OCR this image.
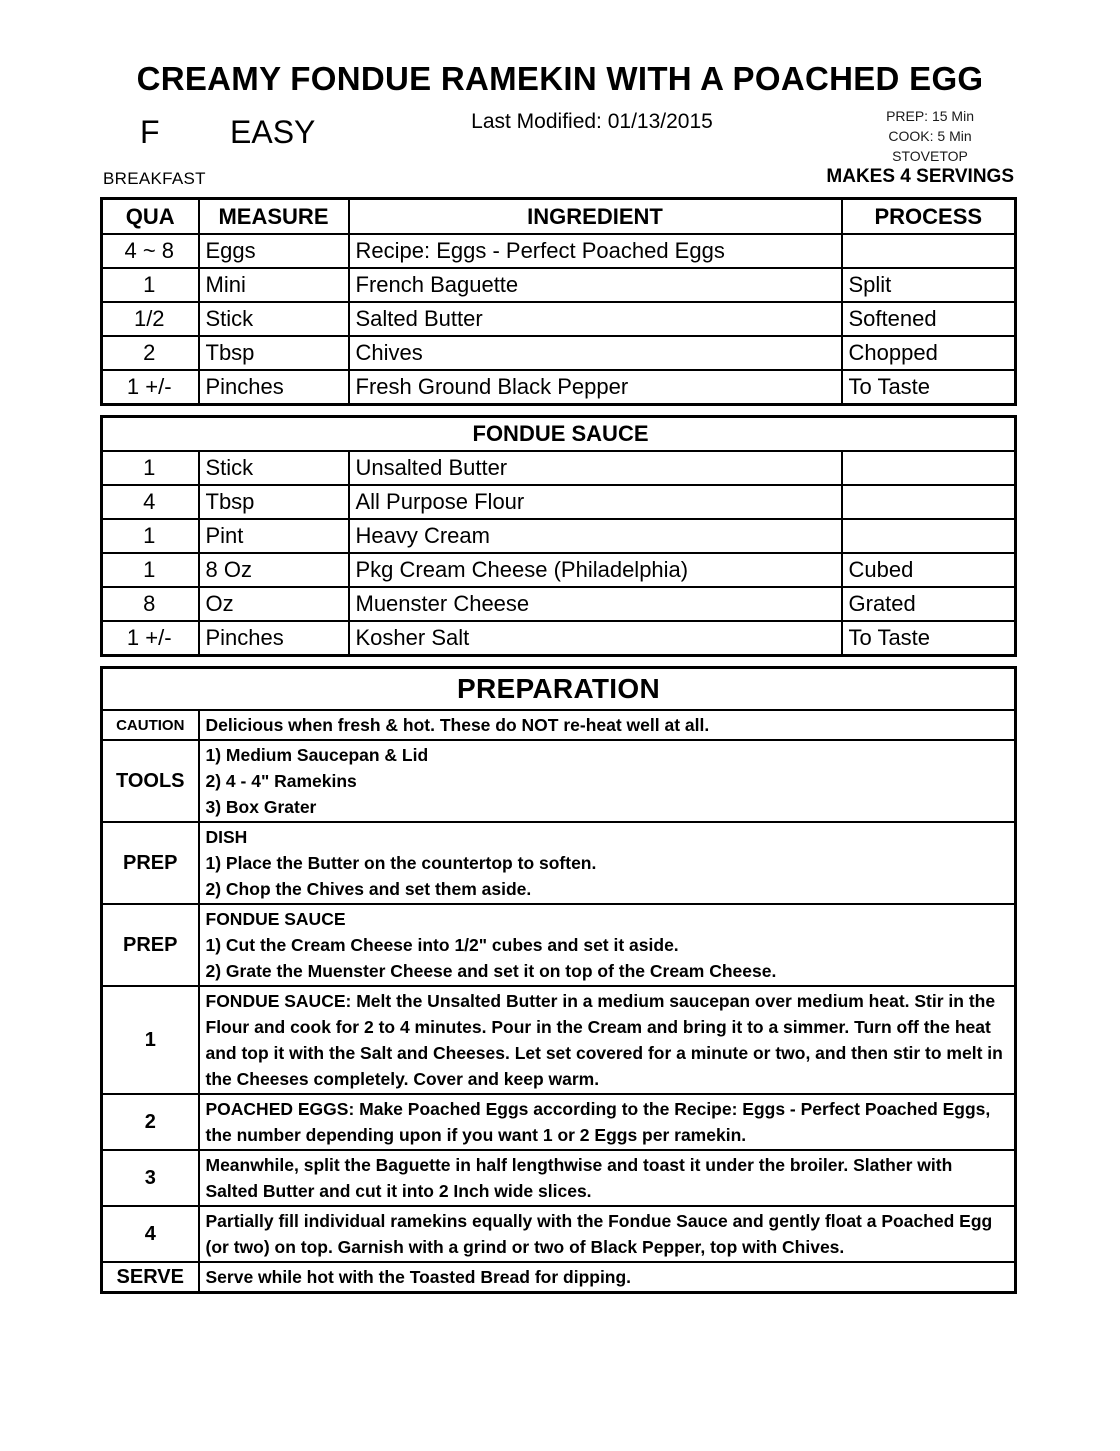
CREAMY FONDUE RAMEKIN WITH A POACHED EGG
F EASY	Last Modified: 01/13/2015	PREP: 15 Min
COOK: 5 Min
STOVETOP
BREAKFAST	MAKES 4 SERVINGS
QUA	MEASURE	INGREDIENT	PROCESS
4 ~ 8	Eggs	Recipe: Eggs - Perfect Poached Eggs	
1	Mini	French Baguette	Split
1/2	Stick	Salted Butter	Softened
2	Tbsp	Chives	Chopped
1 +/-	Pinches	Fresh Ground Black Pepper	To Taste
FONDUE SAUCE			
1	Stick	Unsalted Butter	
4	Tbsp	All Purpose Flour	
1	Pint	Heavy Cream	
1	8 Oz	Pkg Cream Cheese (Philadelphia)	Cubed
8	Oz	Muenster Cheese	Grated
1 +/-	Pinches	Kosher Salt	To Taste
PREPARATION	
CAUTION	Delicious when fresh & hot. These do NOT re-heat well at all.

TOOLS	1) Medium Saucepan & Lid
2) 4 - 4" Ramekins
3) Box Grater

PREP	DISH
1) Place the Butter on the countertop to soften.
2) Chop the Chives and set them aside.

PREP	FONDUE SAUCE
1) Cut the Cream Cheese into 1/2" cubes and set it aside.
2) Grate the Muenster Cheese and set it on top of the Cream Cheese.

1	FONDUE SAUCE: Melt the Unsalted Butter in a medium saucepan over medium heat. Stir in the Flour and cook for 2 to 4 minutes. Pour in the Cream and bring it to a simmer. Turn off the heat and top it with the Salt and Cheeses. Let set covered for a minute or two, and then stir to melt in the Cheeses completely. Cover and keep warm.

2	POACHED EGGS: Make Poached Eggs according to the Recipe: Eggs - Perfect Poached Eggs, the number depending upon if you want 1 or 2 Eggs per ramekin.

3	Meanwhile, split the Baguette in half lengthwise and toast it under the broiler. Slather with Salted Butter and cut it into 2 Inch wide slices.

4	Partially fill individual ramekins equally with the Fondue Sauce and gently float a Poached Egg (or two) on top. Garnish with a grind or two of Black Pepper, top with Chives.

SERVE	Serve while hot with the Toasted Bread for dipping.
